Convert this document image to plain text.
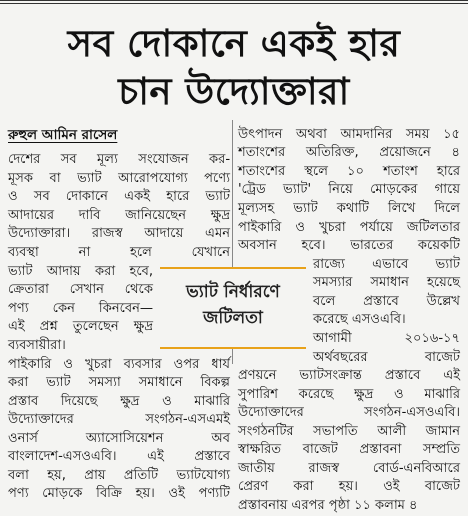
সব দোকানে একই হার
চান উদ্যোক্তারা
রুহুল আমিন রাসেল
দেশের সব মূল্য সংযোজন কর-
মূসক বা ভ্যাট আরোপযোগ্য পণ্যে
ও সব দোকানে একই হারে ভ্যাট
আদায়ের দাবি জানিয়েছেন ক্ষুদ্র
উদ্যোক্তারা। রাজস্ব আদায়ে এমন
ব্যবস্থা না হলে যেখানে
ভ্যাট আদায় করা হবে,
ক্রেতারা সেখান থেকে
পণ্য কেন কিনবেন—
এই প্রশ্ন তুলেছেন ক্ষুদ্র
ব্যবসায়ীরা।
পাইকারি ও খুচরা ব্যবসার ওপর ধার্য
করা ভ্যাট সমস্যা সমাধানে বিকল্প
প্রস্তাব দিয়েছে ক্ষুদ্র ও মাঝারি
উদ্যোক্তাদের সংগঠন-এসএমই
ওনার্স অ্যাসোসিয়েশন অব
বাংলাদেশ-এসওএবি। এই প্রস্তাবে
বলা হয়, প্রায় প্রতিটি ভ্যাটযোগ্য
পণ্য মোড়কে বিক্রি হয়। ওই পণ্যটি
উৎপাদন অথবা আমদানির সময় ১৫
শতাংশের অতিরিক্ত, প্রয়োজনে ৪
শতাংশের স্থলে ১০ শতাংশ হারে
'ট্রেড ভ্যাট' নিয়ে মোড়কের গায়ে
মূল্যসহ ভ্যাট কথাটি লিখে দিলে
পাইকারি ও খুচরা পর্যায়ে জটিলতার
অবসান হবে। ভারতের কয়েকটি
রাজ্যে এভাবে ভ্যাট
সমস্যার সমাধান হয়েছে
বলে প্রস্তাবে উল্লেখ
করেছে এসওএবি।
আগামী ২০১৬-১৭
অর্থবছরের বাজেট
প্রণয়নে ভ্যাটসংক্রান্ত প্রস্তাবে এই
সুপারিশ করেছে ক্ষুদ্র ও মাঝারি
উদ্যোক্তাদের সংগঠন-এসওএবি।
সংগঠনটির সভাপতি আলী জামান
স্বাক্ষরিত বাজেট প্রস্তাবনা সম্প্রতি
জাতীয় রাজস্ব বোর্ড-এনবিআরে
প্রেরণ করা হয়। ওই বাজেট
প্রস্তাবনায় এরপর পৃষ্ঠা ১১ কলাম ৪
ভ্যাট নির্ধারণে
জটিলতা
